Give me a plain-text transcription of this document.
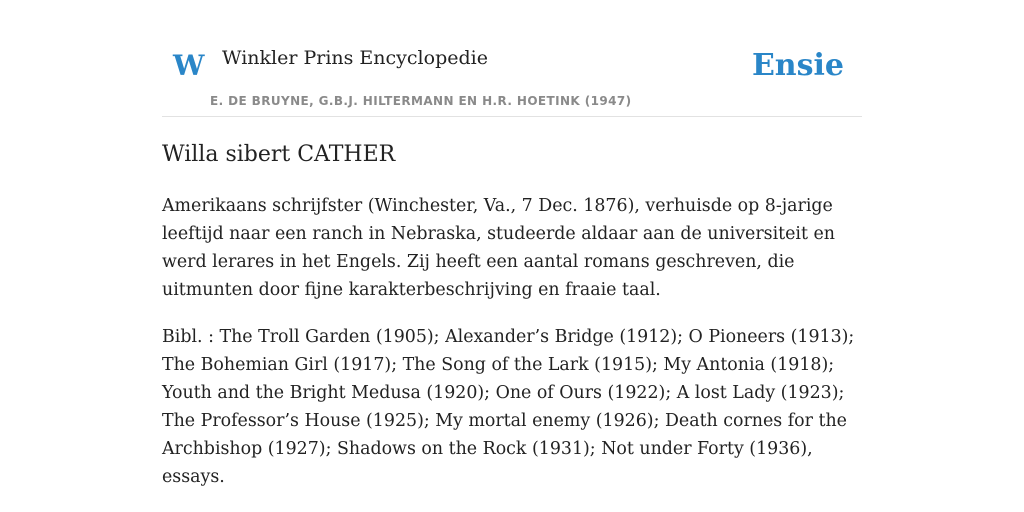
W Winkler Prins Encyclopedie
E. DE BRUYNE, G.B.J. HILTERMANN EN H.R. HOETINK (1947)
Ensie
Willa sibert CATHER

Amerikaans schrijfster (Winchester, Va., 7 Dec. 1876), verhuisde op 8-jarige leeftijd naar een ranch in Nebraska, studeerde aldaar aan de universiteit en werd lerares in het Engels. Zij heeft een aantal romans geschreven, die uitmunten door fijne karakterbeschrijving en fraaie taal.

Bibl. : The Troll Garden (1905); Alexander’s Bridge (1912); O Pioneers (1913); The Bohemian Girl (1917); The Song of the Lark (1915); My Antonia (1918); Youth and the Bright Medusa (1920); One of Ours (1922); A lost Lady (1923); The Professor’s House (1925); My mortal enemy (1926); Death cornes for the Archbishop (1927); Shadows on the Rock (1931); Not under Forty (1936), essays.
